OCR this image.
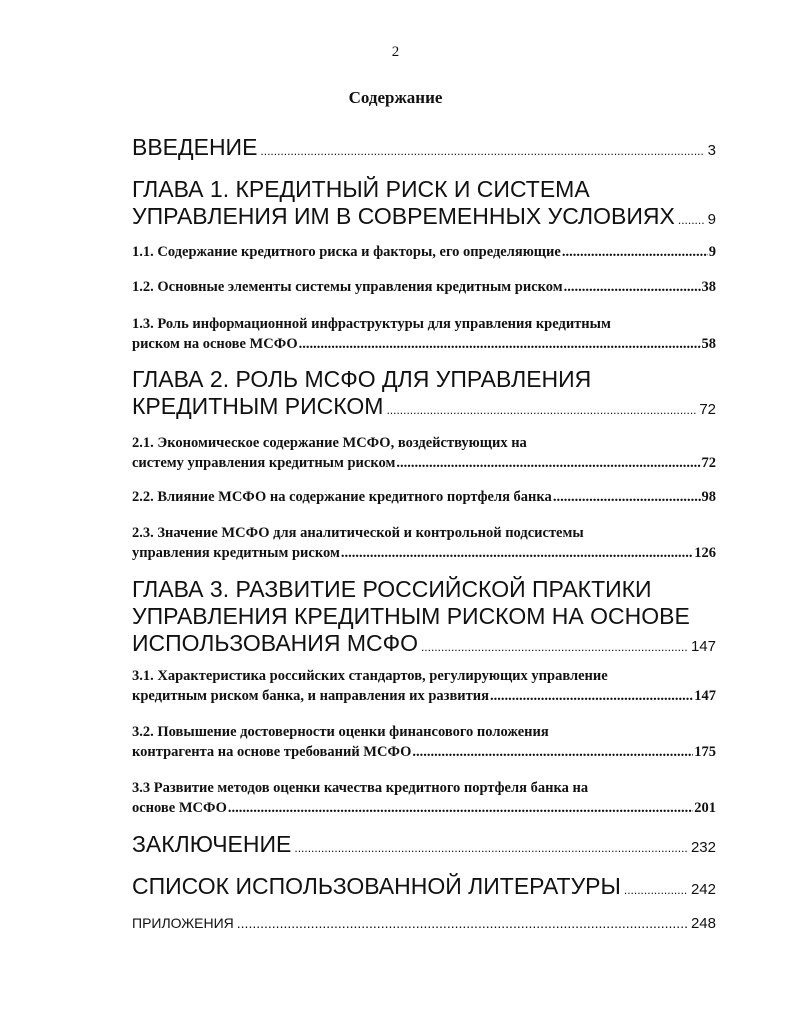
2
Содержание
ВВЕДЕНИЕ .....	3
ГЛАВА 1. КРЕДИТНЫЙ РИСК И СИСТЕМА
УПРАВЛЕНИЯ ИМ В СОВРЕМЕННЫХ УСЛОВИЯХ ..... 9
1.1. Содержание кредитного риска и факторы, его определяющие .....	9
1.2. Основные элементы системы управления кредитным риском .....	38
1.3. Роль информационной инфраструктуры для управления кредитным
риском на основе МСФО .....	58
ГЛАВА 2. РОЛЬ МСФО ДЛЯ УПРАВЛЕНИЯ
КРЕДИТНЫМ РИСКОМ .....	72
2.1. Экономическое содержание МСФО, воздействующих на
систему управления кредитным риском .....	72
2.2. Влияние МСФО на содержание кредитного портфеля банка .....	98
2.3. Значение МСФО для аналитической и контрольной подсистемы
управления кредитным риском .....	126
ГЛАВА 3. РАЗВИТИЕ РОССИЙСКОЙ ПРАКТИКИ
УПРАВЛЕНИЯ КРЕДИТНЫМ РИСКОМ НА ОСНОВЕ
ИСПОЛЬЗОВАНИЯ МСФО .....	147
3.1. Характеристика российских стандартов, регулирующих управление
кредитным риском банка, и направления их развития .....	147
3.2. Повышение достоверности оценки финансового положения
контрагента на основе требований МСФО .....	175
3.3 Развитие методов оценки качества кредитного портфеля банка на
основе МСФО .....	201
ЗАКЛЮЧЕНИЕ .....	232
СПИСОК ИСПОЛЬЗОВАННОЙ ЛИТЕРАТУРЫ .....	242
ПРИЛОЖЕНИЯ .....	248
